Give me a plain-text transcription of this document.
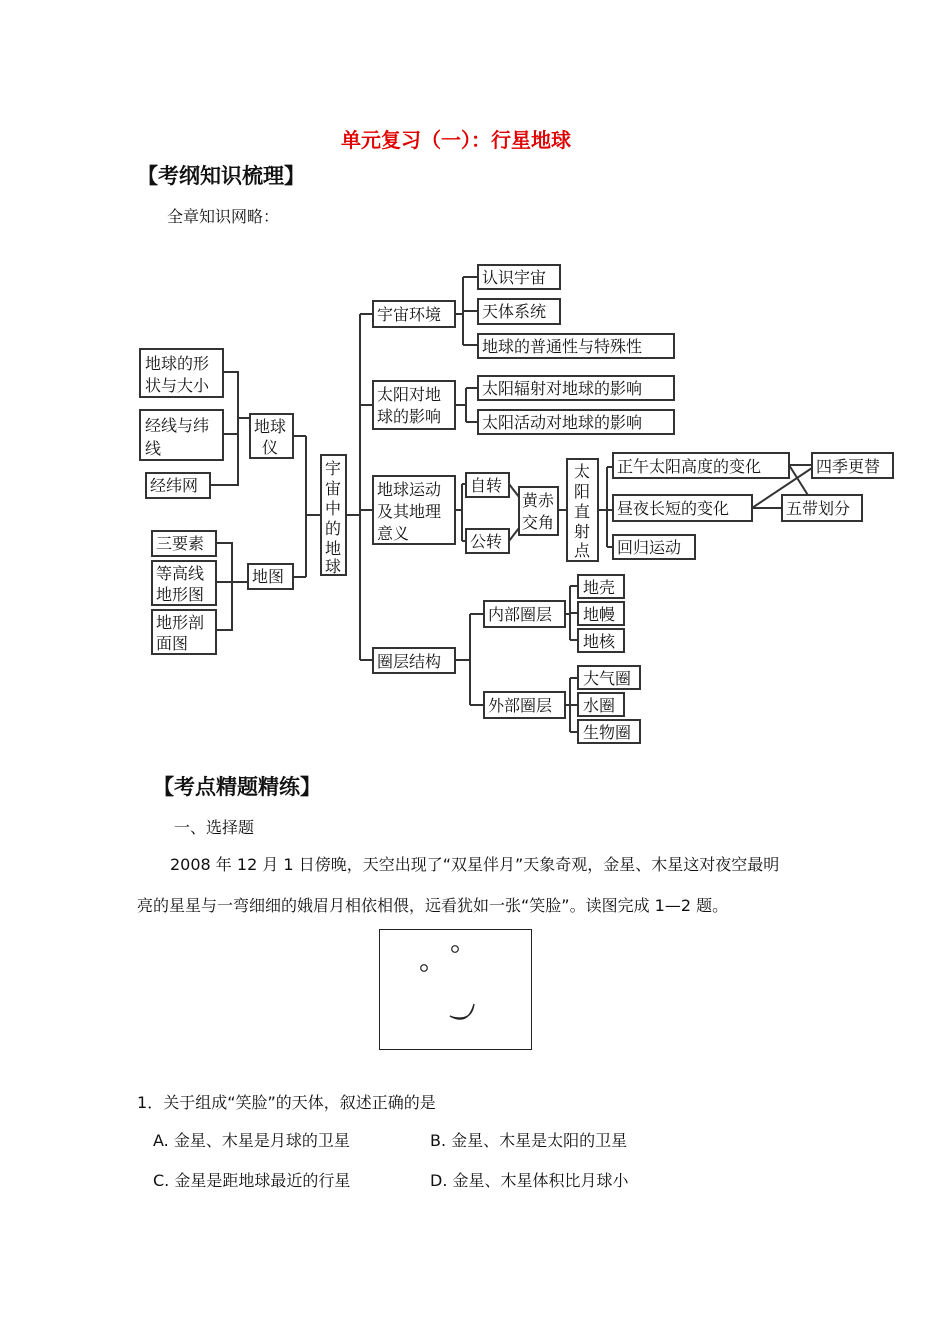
单元复习（一）：行星地球
【考纲知识梳理】
全章知识网略：
地球的形
状与大小
经线与纬
线
经纬网
地球
仪
三要素
等高线
地形图
地形剖
面图
地图
宇
宙
中
的
地
球
宇宙环境
认识宇宙
天体系统
地球的普通性与特殊性
太阳对地
球的影响
太阳辐射对地球的影响
太阳活动对地球的影响
地球运动
及其地理
意义
自转
公转
黄赤
交角
太
阳
直
射
点
正午太阳高度的变化
昼夜长短的变化
回归运动
四季更替
五带划分
圈层结构
内部圈层
外部圈层
地壳
地幔
地核
大气圈
水圈
生物圈
【考点精题精练】
一、选择题
2008 年 12 月 1 日傍晚，天空出现了“双星伴月”天象奇观，金星、木星这对夜空最明
亮的星星与一弯细细的娥眉月相依相偎，远看犹如一张“笑脸”。读图完成 1—2 题。
1．关于组成“笑脸”的天体，叙述正确的是
A. 金星、木星是月球的卫星	B. 金星、木星是太阳的卫星
C. 金星是距地球最近的行星	D. 金星、木星体积比月球小
